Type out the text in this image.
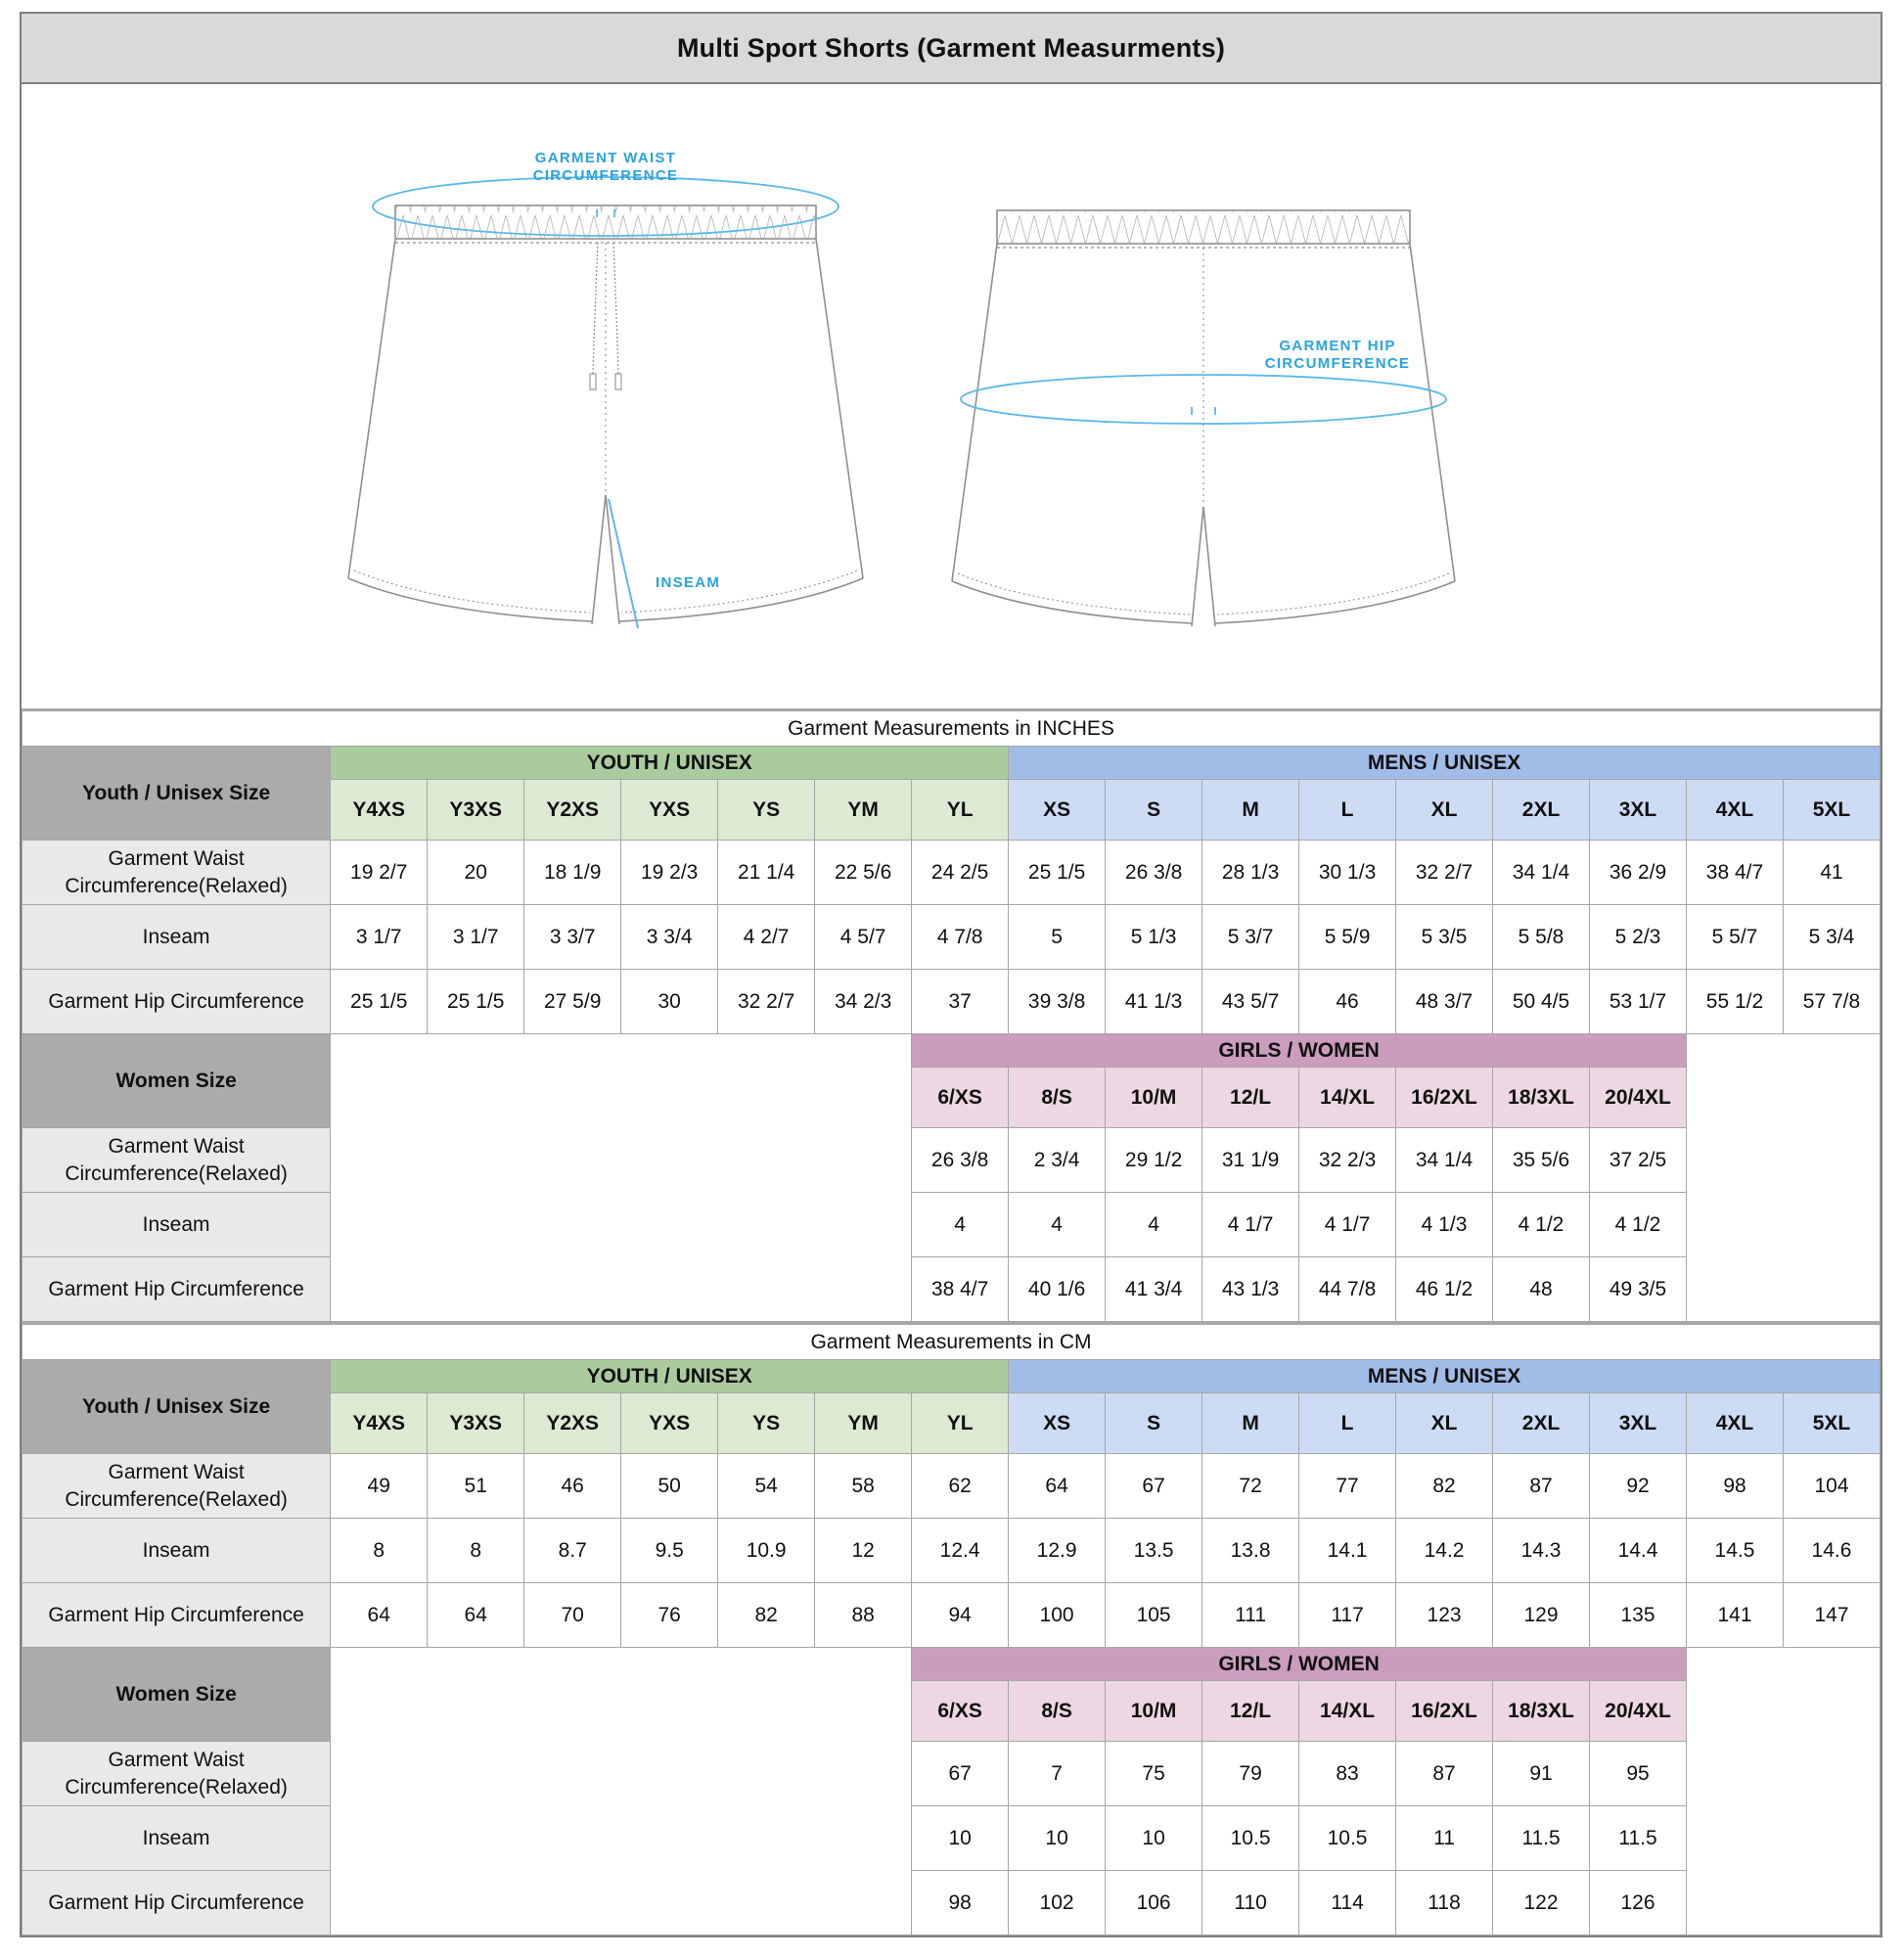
Multi Sport Shorts (Garment Measurments)
GARMENT WAIST
CIRCUMFERENCE
INSEAM
GARMENT HIP
CIRCUMFERENCE
Garment Measurements in INCHES																
Youth / Unisex Size	YOUTH / UNISEX							MENS / UNISEX								
	Y4XS	Y3XS	Y2XS	YXS	YS	YM	YL	XS	S	M	L	XL	2XL	3XL	4XL	5XL
Garment Waist Circumference(Relaxed)	19 2/7	20	18 1/9	19 2/3	21 1/4	22 5/6	24 2/5	25 1/5	26 3/8	28 1/3	30 1/3	32 2/7	34 1/4	36 2/9	38 4/7	41
Inseam	3 1/7	3 1/7	3 3/7	3 3/4	4 2/7	4 5/7	4 7/8	5	5 1/3	5 3/7	5 5/9	5 3/5	5 5/8	5 2/3	5 5/7	5 3/4
Garment Hip Circumference	25 1/5	25 1/5	27 5/9	30	32 2/7	34 2/3	37	39 3/8	41 1/3	43 5/7	46	48 3/7	50 4/5	53 1/7	55 1/2	57 7/8
Women Size							GIRLS / WOMEN									
							6/XS	8/S	10/M	12/L	14/XL	16/2XL	18/3XL	20/4XL		
Garment Waist Circumference(Relaxed)							26 3/8	2 3/4	29 1/2	31 1/9	32 2/3	34 1/4	35 5/6	37 2/5		
Inseam							4	4	4	4 1/7	4 1/7	4 1/3	4 1/2	4 1/2		
Garment Hip Circumference							38 4/7	40 1/6	41 3/4	43 1/3	44 7/8	46 1/2	48	49 3/5		
Garment Measurements in CM																
Youth / Unisex Size	YOUTH / UNISEX							MENS / UNISEX								
	Y4XS	Y3XS	Y2XS	YXS	YS	YM	YL	XS	S	M	L	XL	2XL	3XL	4XL	5XL
Garment Waist Circumference(Relaxed)	49	51	46	50	54	58	62	64	67	72	77	82	87	92	98	104
Inseam	8	8	8.7	9.5	10.9	12	12.4	12.9	13.5	13.8	14.1	14.2	14.3	14.4	14.5	14.6
Garment Hip Circumference	64	64	70	76	82	88	94	100	105	111	117	123	129	135	141	147
Women Size							GIRLS / WOMEN									
							6/XS	8/S	10/M	12/L	14/XL	16/2XL	18/3XL	20/4XL		
Garment Waist Circumference(Relaxed)							67	7	75	79	83	87	91	95		
Inseam							10	10	10	10.5	10.5	11	11.5	11.5		
Garment Hip Circumference							98	102	106	110	114	118	122	126		
